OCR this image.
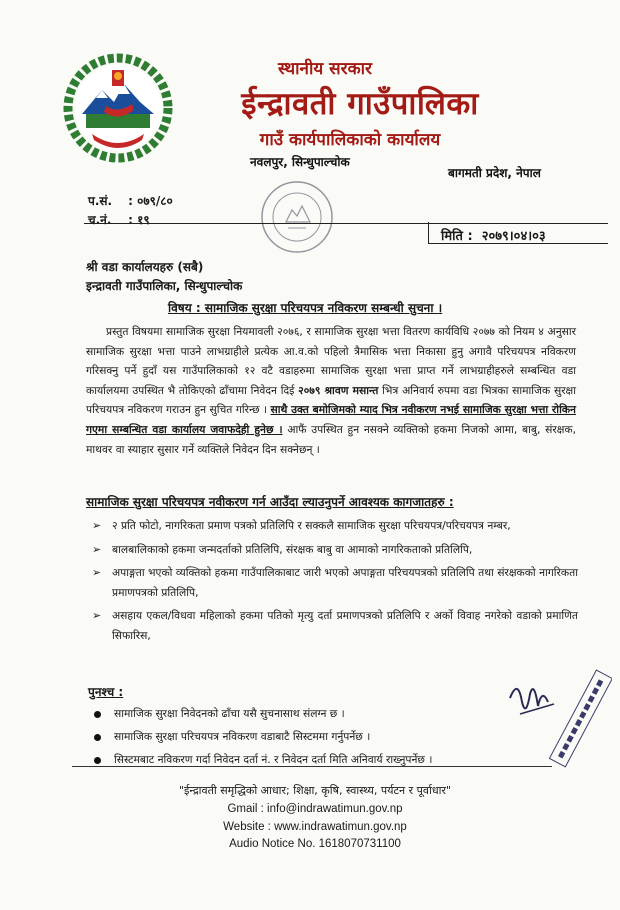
स्थानीय सरकार
ईन्द्रावती गाउँपालिका
गाउँ कार्यपालिकाको कार्यालय
नवलपुर, सिन्धुपाल्चोक
बागमती प्रदेश, नेपाल
प.सं. : ०७९/८०
च.नं. : १९
मिति : २०७९।०४।०३
श्री वडा कार्यालयहरु (सबै)
इन्द्रावती गाउँपालिका, सिन्धुपाल्चोक
विषय : सामाजिक सुरक्षा परिचयपत्र नविकरण सम्बन्धी सुचना ।

प्रस्तुत विषयमा सामाजिक सुरक्षा नियमावली २०७६, र सामाजिक सुरक्षा भत्ता वितरण कार्यविधि २०७७ को नियम ४ अनुसार सामाजिक सुरक्षा भत्ता पाउने लाभग्राहीले प्रत्येक आ.व.को पहिलो त्रैमासिक भत्ता निकासा हुनु अगावै परिचयपत्र नविकरण गरिसक्नु पर्ने हुदाँ यस गाउँपालिकाको १२ वटै वडाहरुमा सामाजिक सुरक्षा भत्ता प्राप्त गर्ने लाभग्राहीहरुले सम्बन्धित वडा कार्यालयमा उपस्थित भै तोकिएको ढाँचामा निवेदन दिई २०७९ श्रावण मसान्त भित्र अनिवार्य रुपमा वडा भित्रका सामाजिक सुरक्षा परिचयपत्र नविकरण गराउन हुन सुचित गरिन्छ । साथै उक्त बमोजिमको म्याद भित्र नवीकरण नभई सामाजिक सुरक्षा भत्ता रोकिन गएमा सम्बन्धित वडा कार्यालय जवाफदेही हुनेछ । आफैं उपस्थित हुन नसक्ने व्यक्तिको हकमा निजको आमा, बाबु, संरक्षक, माथवर वा स्याहार सुसार गर्ने व्यक्तिले निवेदन दिन सक्नेछन् ।

सामाजिक सुरक्षा परिचयपत्र नवीकरण गर्न आउँदा ल्याउनुपर्ने आवश्यक कागजातहरु :
➢ २ प्रति फोटो, नागरिकता प्रमाण पत्रको प्रतिलिपि र सक्कलै सामाजिक सुरक्षा परिचयपत्र/परिचयपत्र नम्बर,
➢ बालबालिकाको हकमा जन्मदर्ताको प्रतिलिपि, संरक्षक बाबु वा आमाको नागरिकताको प्रतिलिपि,
➢ अपाङ्गता भएको व्यक्तिको हकमा गाउँपालिकाबाट जारी भएको अपाङ्गता परिचयपत्रको प्रतिलिपि तथा संरक्षकको नागरिकता प्रमाणपत्रको प्रतिलिपि,
➢ असहाय एकल/विधवा महिलाको हकमा पतिको मृत्यु दर्ता प्रमाणपत्रको प्रतिलिपि र अर्को विवाह नगरेको वडाको प्रमाणित सिफारिस,
पुनश्च :
सामाजिक सुरक्षा निवेदनको ढाँचा यसै सुचनासाथ संलग्न छ ।
सामाजिक सुरक्षा परिचयपत्र नविकरण वडाबाटै सिस्टममा गर्नुपर्नेछ ।
सिस्टमबाट नविकरण गर्दा निवेदन दर्ता नं. र निवेदन दर्ता मिति अनिवार्य राख्नुपर्नेछ ।
"ईन्द्रावती समृद्धिको आधार; शिक्षा, कृषि, स्वास्थ्य, पर्यटन र पूर्वाधार"
Gmail : info@indrawatimun.gov.np
Website : www.indrawatimun.gov.np
Audio Notice No. 1618070731100
